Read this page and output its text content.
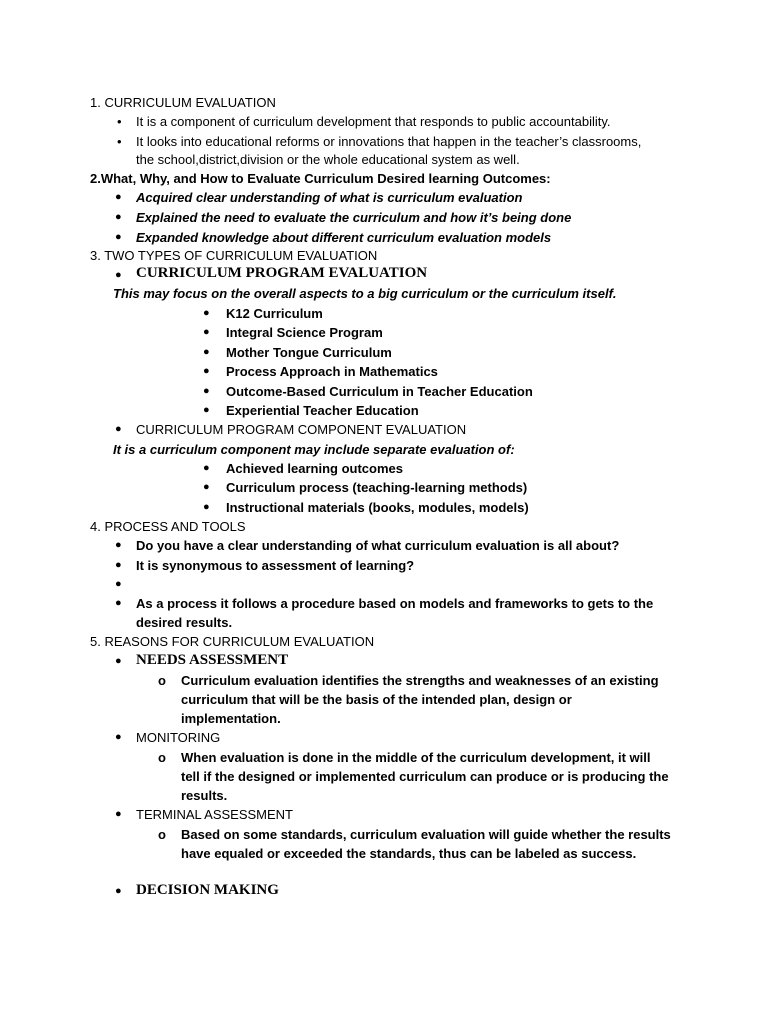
1. CURRICULUM EVALUATION
• It is a component of curriculum development that responds to public accountability.
• It looks into educational reforms or innovations that happen in the teacher’s classrooms,
the school,district,division or the whole educational system as well.
2.What, Why, and How to Evaluate Curriculum Desired learning Outcomes:
● Acquired clear understanding of what is curriculum evaluation
● Explained the need to evaluate the curriculum and how it’s being done
● Expanded knowledge about different curriculum evaluation models
3. TWO TYPES OF CURRICULUM EVALUATION
● CURRICULUM PROGRAM EVALUATION
This may focus on the overall aspects to a big curriculum or the curriculum itself.
● K12 Curriculum
● Integral Science Program
● Mother Tongue Curriculum
● Process Approach in Mathematics
● Outcome-Based Curriculum in Teacher Education
● Experiential Teacher Education
● CURRICULUM PROGRAM COMPONENT EVALUATION
It is a curriculum component may include separate evaluation of:
● Achieved learning outcomes
● Curriculum process (teaching-learning methods)
● Instructional materials (books, modules, models)
4. PROCESS AND TOOLS
● Do you have a clear understanding of what curriculum evaluation is all about?
● It is synonymous to assessment of learning?
●
● As a process it follows a procedure based on models and frameworks to gets to the
desired results.
5. REASONS FOR CURRICULUM EVALUATION
● NEEDS ASSESSMENT
o Curriculum evaluation identifies the strengths and weaknesses of an existing
curriculum that will be the basis of the intended plan, design or
implementation.
● MONITORING
o When evaluation is done in the middle of the curriculum development, it will
tell if the designed or implemented curriculum can produce or is producing the
results.
● TERMINAL ASSESSMENT
o Based on some standards, curriculum evaluation will guide whether the results
have equaled or exceeded the standards, thus can be labeled as success.
● DECISION MAKING
